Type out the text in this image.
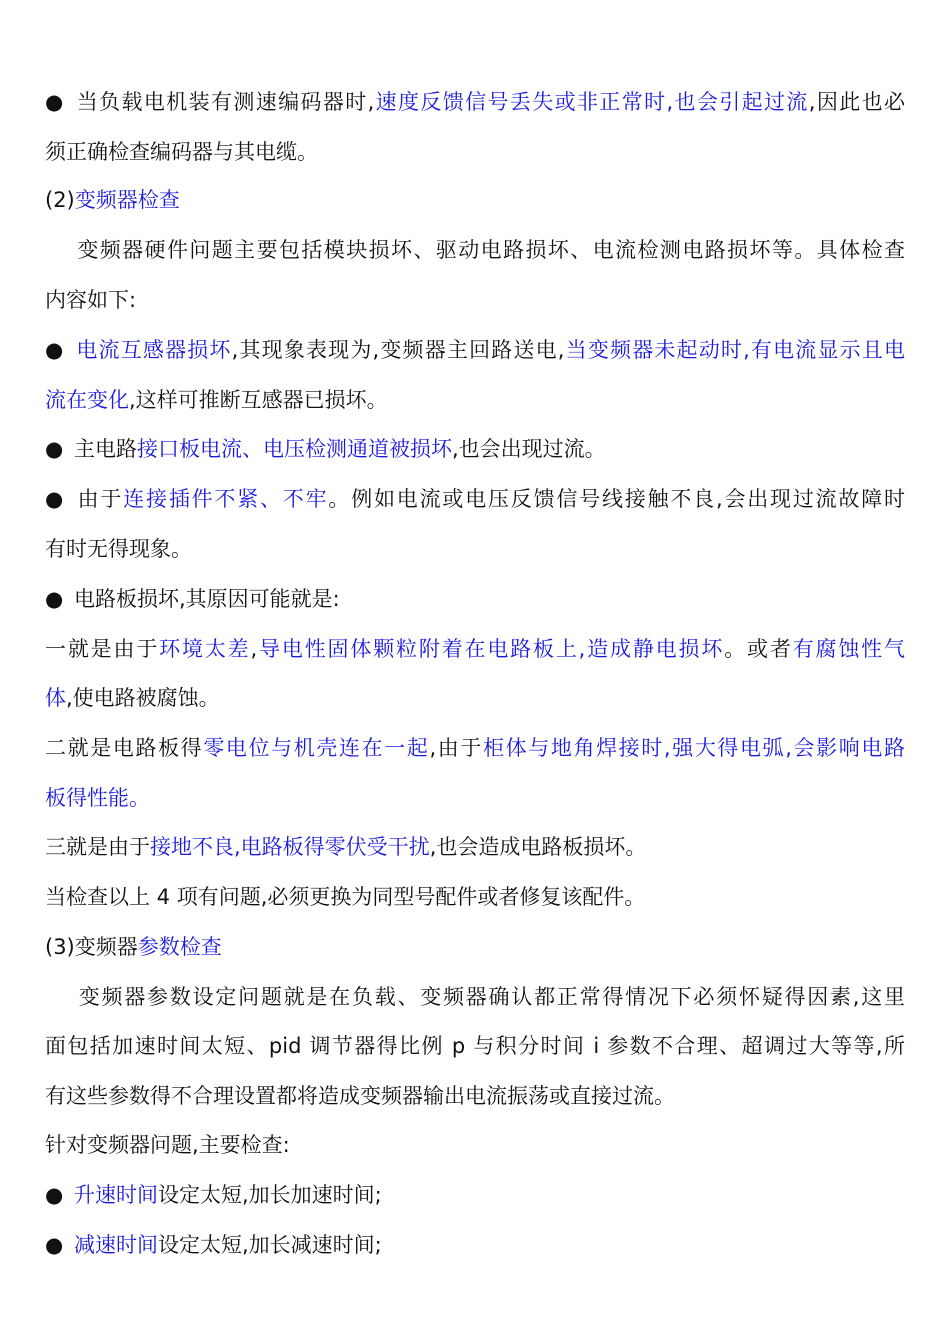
● 当负载电机装有测速编码器时,速度反馈信号丢失或非正常时,也会引起过流,因此也必
须正确检查编码器与其电缆。
(2)变频器检查
变频器硬件问题主要包括模块损坏、驱动电路损坏、电流检测电路损坏等。具体检查
内容如下:
● 电流互感器损坏,其现象表现为,变频器主回路送电,当变频器未起动时,有电流显示且电
流在变化,这样可推断互感器已损坏。
● 主电路接口板电流、电压检测通道被损坏,也会出现过流。
● 由于连接插件不紧、不牢。例如电流或电压反馈信号线接触不良,会出现过流故障时
有时无得现象。
● 电路板损坏,其原因可能就是:
一就是由于环境太差,导电性固体颗粒附着在电路板上,造成静电损坏。或者有腐蚀性气
体,使电路被腐蚀。
二就是电路板得零电位与机壳连在一起,由于柜体与地角焊接时,强大得电弧,会影响电路
板得性能。
三就是由于接地不良,电路板得零伏受干扰,也会造成电路板损坏。
当检查以上 4 项有问题,必须更换为同型号配件或者修复该配件。
(3)变频器参数检查
变频器参数设定问题就是在负载、变频器确认都正常得情况下必须怀疑得因素,这里
面包括加速时间太短、pid 调节器得比例 p 与积分时间 i 参数不合理、超调过大等等,所
有这些参数得不合理设置都将造成变频器输出电流振荡或直接过流。
针对变频器问题,主要检查:
● 升速时间设定太短,加长加速时间;
● 减速时间设定太短,加长减速时间;
